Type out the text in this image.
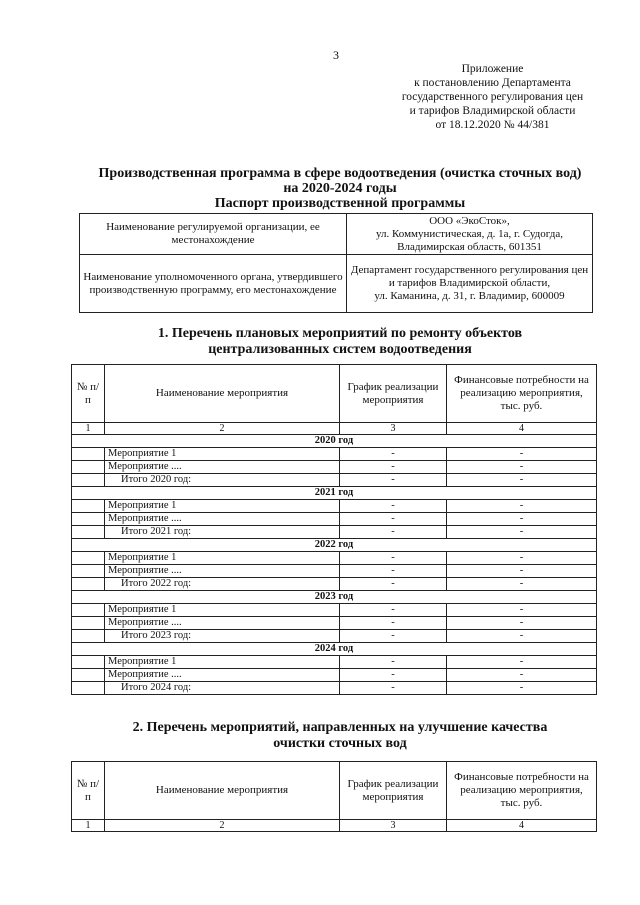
3
Приложение
к постановлению Департамента
государственного регулирования цен
и тарифов Владимирской области
от 18.12.2020 № 44/381
Производственная программа в сфере водоотведения (очистка сточных вод)
на 2020-2024 годы
Паспорт производственной программы
Наименование регулируемой организации, ее местонахождение	ООО «ЭкоСток»,
ул. Коммунистическая, д. 1а, г. Судогда,
Владимирская область, 601351

Наименование уполномоченного органа, утвердившего производственную программу, его местонахождение	Департамент государственного регулирования цен и тарифов Владимирской области,
ул. Каманина, д. 31, г. Владимир, 600009
1. Перечень плановых мероприятий по ремонту объектов
централизованных систем водоотведения
№ п/п	Наименование мероприятия	График реализации мероприятия	Финансовые потребности на реализацию мероприятия, тыс. руб.
1	2	3	4
2020 год			
	Мероприятие 1	-	-
	Мероприятие ....	-	-
	Итого 2020 год:	-	-
2021 год			
	Мероприятие 1	-	-
	Мероприятие ....	-	-
	Итого 2021 год:	-	-
2022 год			
	Мероприятие 1	-	-
	Мероприятие ....	-	-
	Итого 2022 год:	-	-
2023 год			
	Мероприятие 1	-	-
	Мероприятие ....	-	-
	Итого 2023 год:	-	-
2024 год			
	Мероприятие 1	-	-
	Мероприятие ....	-	-
	Итого 2024 год:	-	-
2. Перечень мероприятий, направленных на улучшение качества
очистки сточных вод
№ п/п	Наименование мероприятия	График реализации мероприятия	Финансовые потребности на реализацию мероприятия, тыс. руб.
1	2	3	4
